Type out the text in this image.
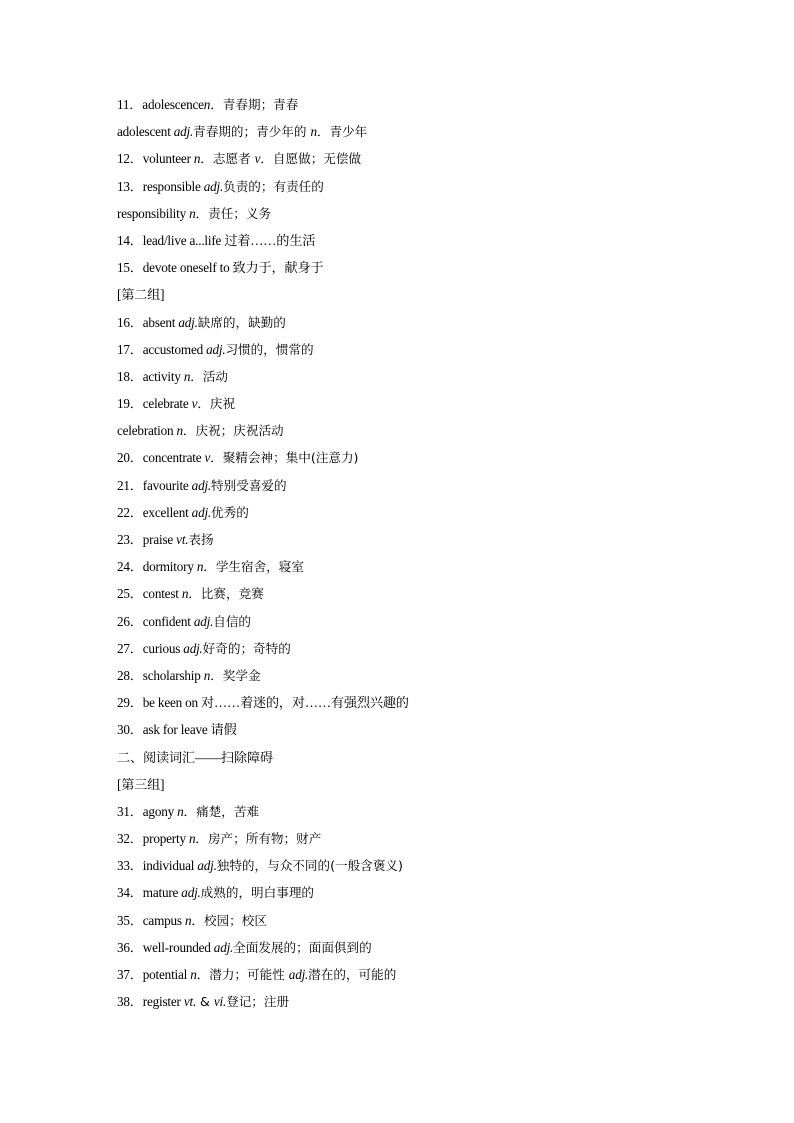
11．adolescencen．青春期；青春
adolescent adj.青春期的；青少年的 n．青少年
12．volunteer n．志愿者 v．自愿做；无偿做
13．responsible adj.负责的；有责任的
responsibility n．责任；义务
14．lead/live a...life 过着……的生活
15．devote oneself to 致力于，献身于
[第二组]
16．absent adj.缺席的，缺勤的
17．accustomed adj.习惯的，惯常的
18．activity n．活动
19．celebrate v．庆祝
celebration n．庆祝；庆祝活动
20．concentrate v．聚精会神；集中(注意力)
21．favourite adj.特别受喜爱的
22．excellent adj.优秀的
23．praise vt.表扬
24．dormitory n．学生宿舍，寝室
25．contest n．比赛，竞赛
26．confident adj.自信的
27．curious adj.好奇的；奇特的
28．scholarship n．奖学金
29．be keen on 对……着迷的，对……有强烈兴趣的
30．ask for leave 请假
二、阅读词汇——扫除障碍
[第三组]
31．agony n．痛楚，苦难
32．property n．房产；所有物；财产
33．individual adj.独特的，与众不同的(一般含褒义)
34．mature adj.成熟的，明白事理的
35．campus n．校园；校区
36．well-rounded adj.全面发展的；面面俱到的
37．potential n．潜力；可能性 adj.潜在的，可能的
38．register vt. & vi.登记；注册
